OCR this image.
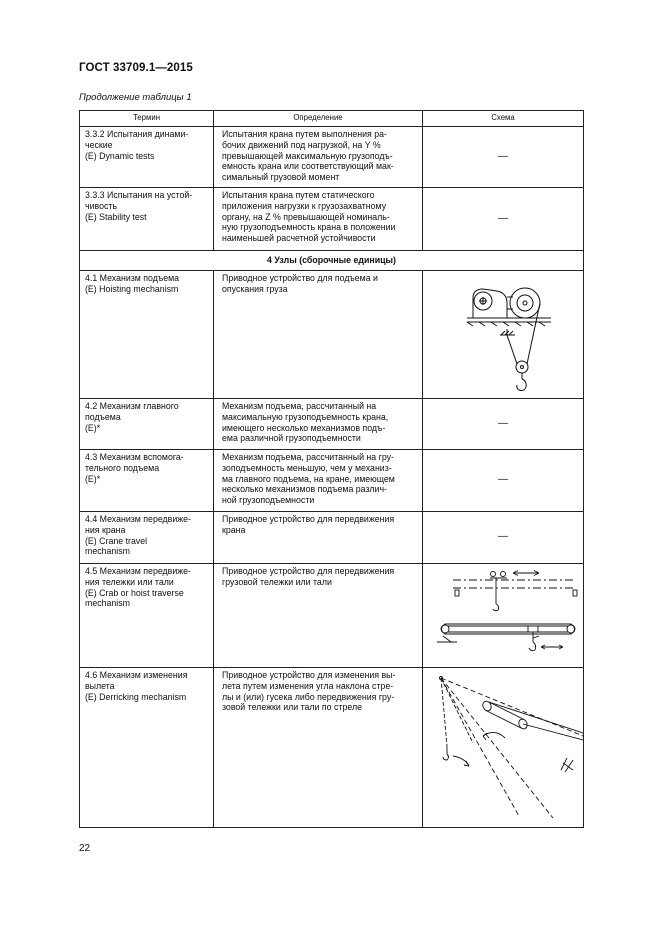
ГОСТ 33709.1—2015
Продолжение таблицы 1
Термин	Определение	Схема

3.3.2 Испытания динами-
ческие
(E) Dynamic tests	Испытания крана путем выполнения ра-
бочих движений под нагрузкой, на Y %
превышающей максимальную грузоподъ-
емность крана или соответствующий мак-
симальный грузовой момент	—

3.3.3 Испытания на устой-
чивость
(E) Stability test	Испытания крана путем статического
приложения нагрузки к грузозахватному
органу, на Z % превышающей номиналь-
ную грузоподъемность крана в положении
наименьшей расчетной устойчивости	—
4 Узлы (сборочные единицы)		

4.1 Механизм подъема
(E) Hoisting mechanism	Приводное устройство для подъема и
опускания груза

4.2 Механизм главного
подъема
(E)*	Механизм подъема, рассчитанный на
максимальную грузоподъемность крана,
имеющего несколько механизмов подъ-
ема различной грузоподъемности	—

4.3 Механизм вспомога-
тельного подъема
(E)*	Механизм подъема, рассчитанный на гру-
зоподъемность меньшую, чем у механиз-
ма главного подъема, на кране, имеющем
несколько механизмов подъема различ-
ной грузоподъемности	—

4.4 Механизм передвиже-
ния крана
(E) Crane travel
mechanism	Приводное устройство для передвижения
крана	—

4.5 Механизм передвиже-
ния тележки или тали
(E) Crab or hoist traverse
mechanism	Приводное устройство для передвижения
грузовой тележки или тали

4.6 Механизм изменения
вылета
(E) Derricking mechanism	Приводное устройство для изменения вы-
лета путем изменения угла наклона стре-
лы и (или) гусека либо передвижения гру-
зовой тележки или тали по стреле

22
